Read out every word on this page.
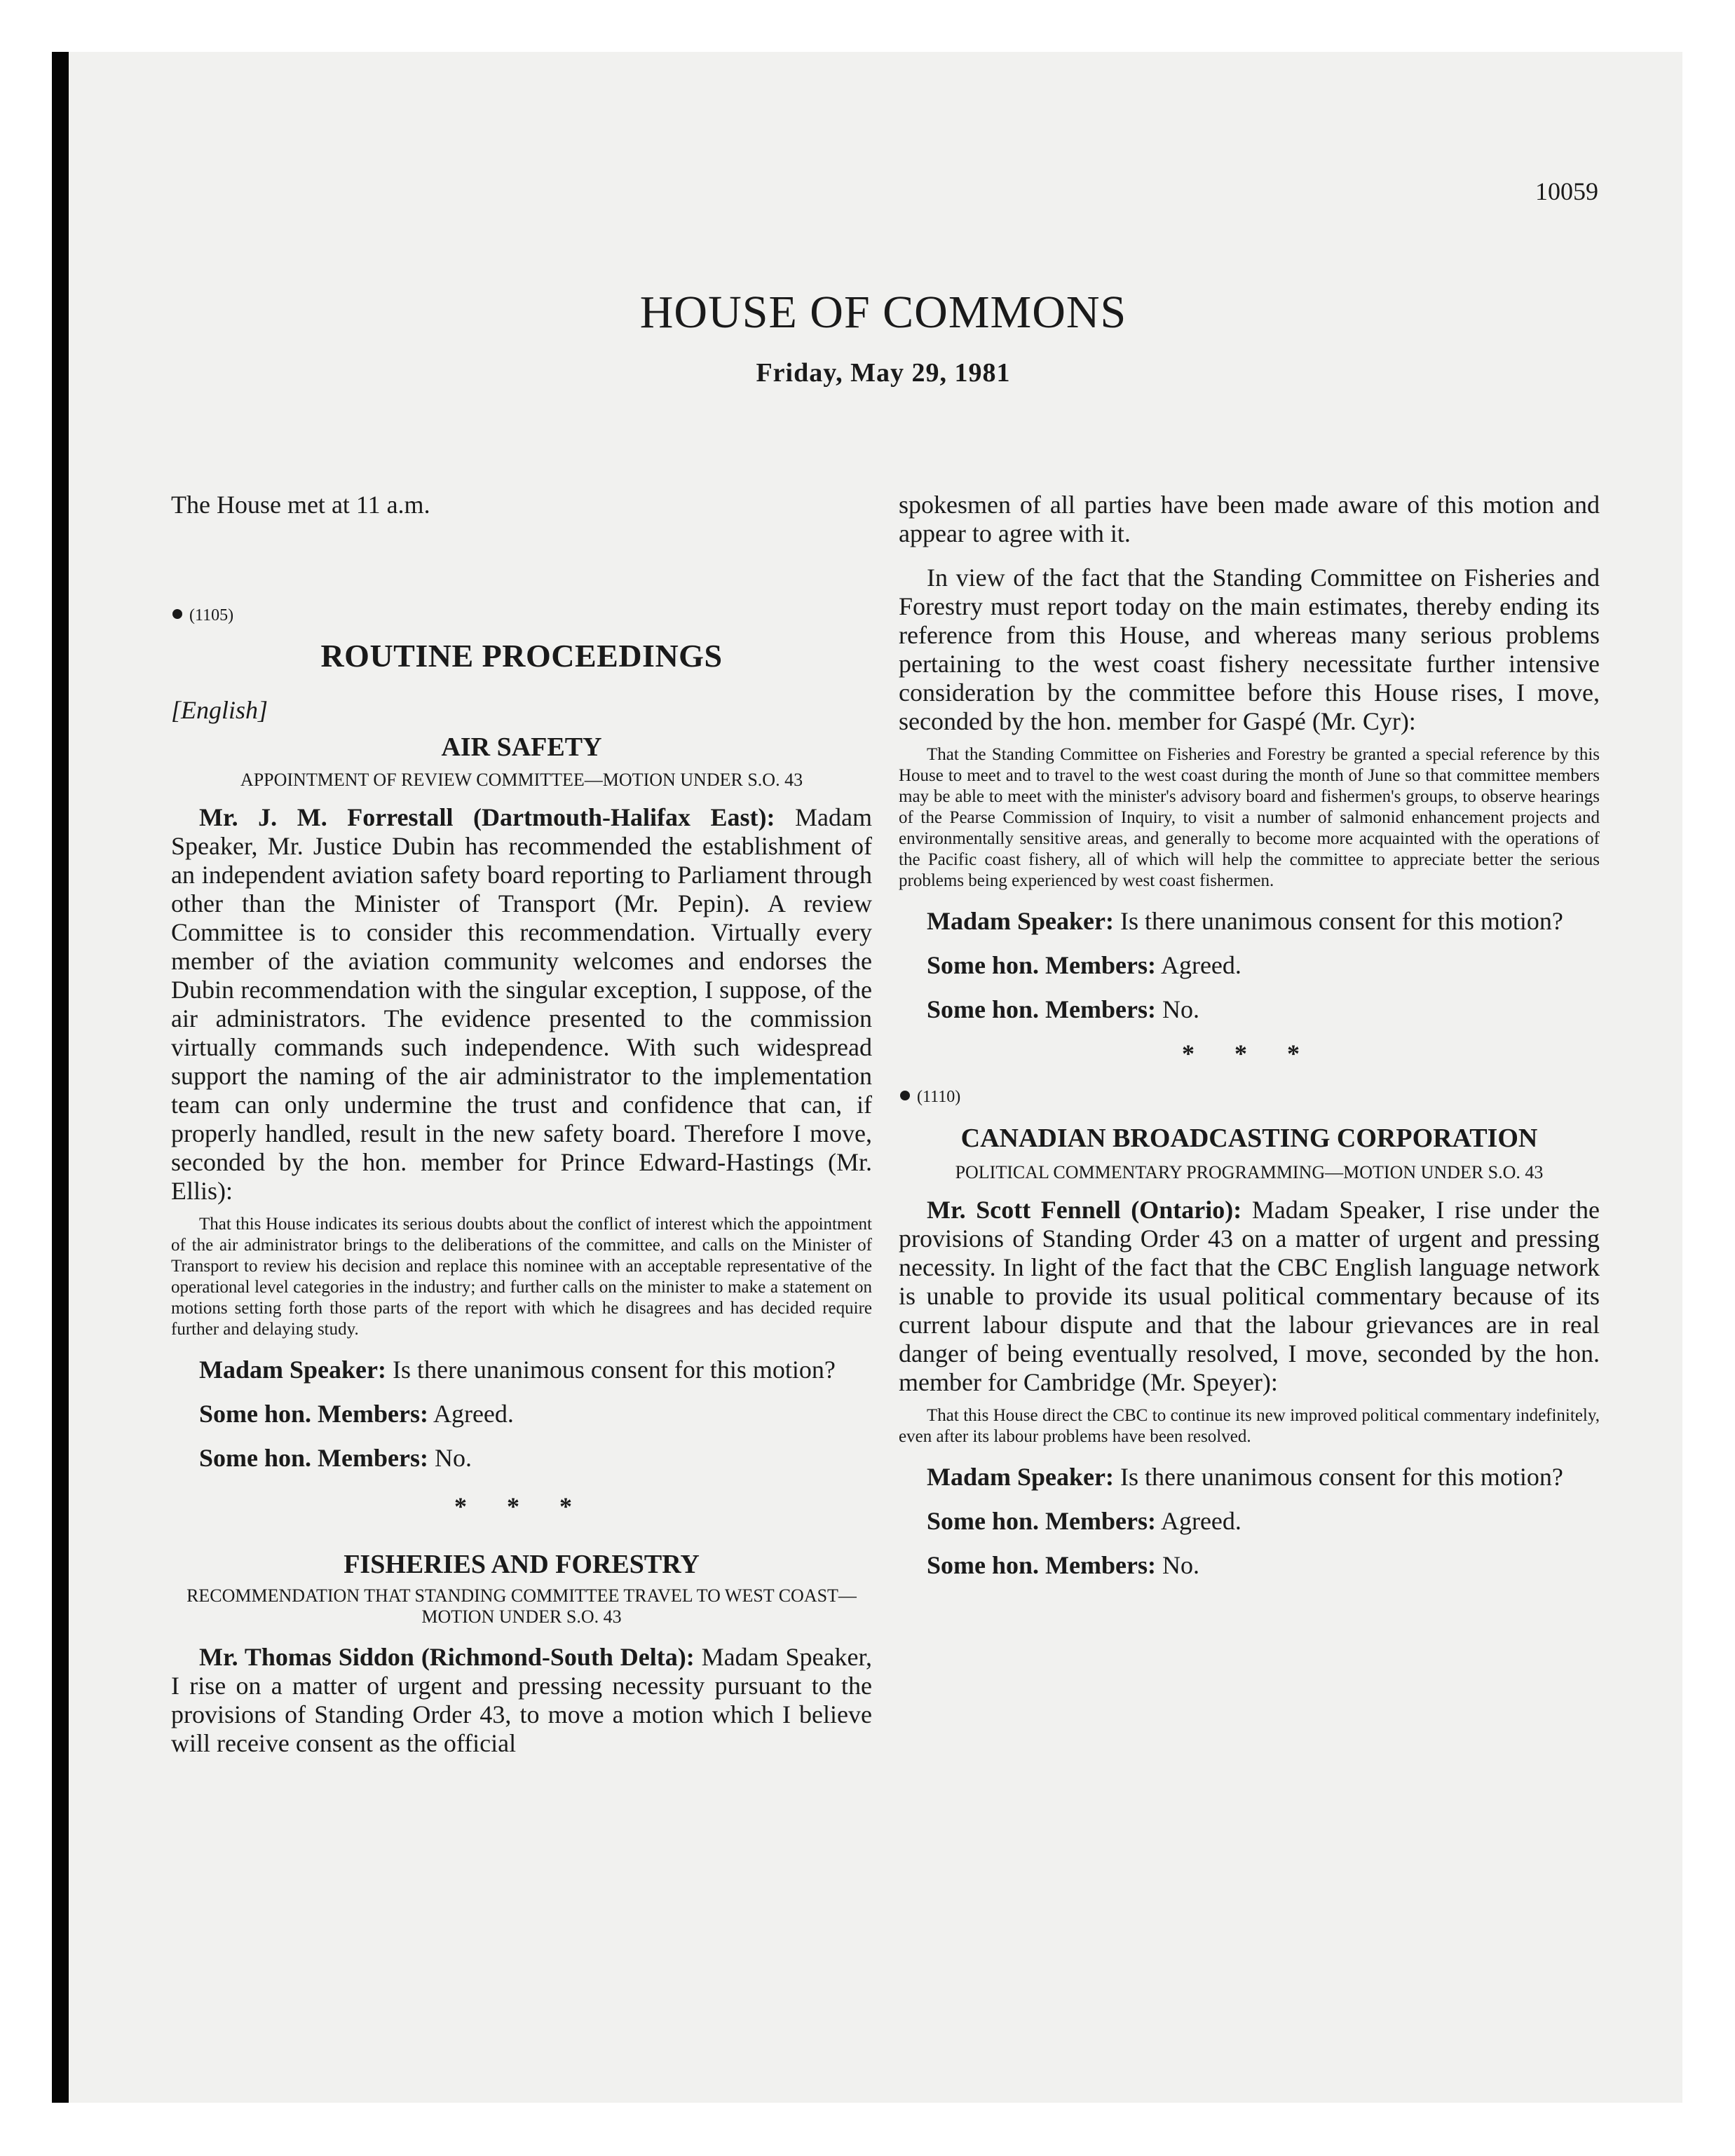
10059
HOUSE OF COMMONS
Friday, May 29, 1981

The House met at 11 a.m.

(1105)
ROUTINE PROCEEDINGS
[English]
AIR SAFETY
APPOINTMENT OF REVIEW COMMITTEE—MOTION UNDER S.O. 43

Mr. J. M. Forrestall (Dartmouth-Halifax East): Madam Speaker, Mr. Justice Dubin has recommended the establishment of an independent aviation safety board reporting to Parliament through other than the Minister of Transport (Mr. Pepin). A review Committee is to consider this recommendation. Virtually every member of the aviation community welcomes and endorses the Dubin recommendation with the singular exception, I suppose, of the air administrators. The evidence presented to the commission virtually commands such independence. With such widespread support the naming of the air administrator to the implementation team can only undermine the trust and confidence that can, if properly handled, result in the new safety board. Therefore I move, seconded by the hon. member for Prince Edward-Hastings (Mr. Ellis):

That this House indicates its serious doubts about the conflict of interest which the appointment of the air administrator brings to the deliberations of the committee, and calls on the Minister of Transport to review his decision and replace this nominee with an acceptable representative of the operational level categories in the industry; and further calls on the minister to make a statement on motions setting forth those parts of the report with which he disagrees and has decided require further and delaying study.

Madam Speaker: Is there unanimous consent for this motion?

Some hon. Members: Agreed.

Some hon. Members: No.

* * *
FISHERIES AND FORESTRY
RECOMMENDATION THAT STANDING COMMITTEE TRAVEL TO WEST COAST—MOTION UNDER S.O. 43

Mr. Thomas Siddon (Richmond-South Delta): Madam Speaker, I rise on a matter of urgent and pressing necessity pursuant to the provisions of Standing Order 43, to move a motion which I believe will receive consent as the official

spokesmen of all parties have been made aware of this motion and appear to agree with it.

In view of the fact that the Standing Committee on Fisheries and Forestry must report today on the main estimates, thereby ending its reference from this House, and whereas many serious problems pertaining to the west coast fishery necessitate further intensive consideration by the committee before this House rises, I move, seconded by the hon. member for Gaspé (Mr. Cyr):

That the Standing Committee on Fisheries and Forestry be granted a special reference by this House to meet and to travel to the west coast during the month of June so that committee members may be able to meet with the minister's advisory board and fishermen's groups, to observe hearings of the Pearse Commission of Inquiry, to visit a number of salmonid enhancement projects and environmentally sensitive areas, and generally to become more acquainted with the operations of the Pacific coast fishery, all of which will help the committee to appreciate better the serious problems being experienced by west coast fishermen.

Madam Speaker: Is there unanimous consent for this motion?

Some hon. Members: Agreed.

Some hon. Members: No.

* * *
(1110)
CANADIAN BROADCASTING CORPORATION
POLITICAL COMMENTARY PROGRAMMING—MOTION UNDER S.O. 43

Mr. Scott Fennell (Ontario): Madam Speaker, I rise under the provisions of Standing Order 43 on a matter of urgent and pressing necessity. In light of the fact that the CBC English language network is unable to provide its usual political commentary because of its current labour dispute and that the labour grievances are in real danger of being eventually resolved, I move, seconded by the hon. member for Cambridge (Mr. Speyer):

That this House direct the CBC to continue its new improved political commentary indefinitely, even after its labour problems have been resolved.

Madam Speaker: Is there unanimous consent for this motion?

Some hon. Members: Agreed.

Some hon. Members: No.
